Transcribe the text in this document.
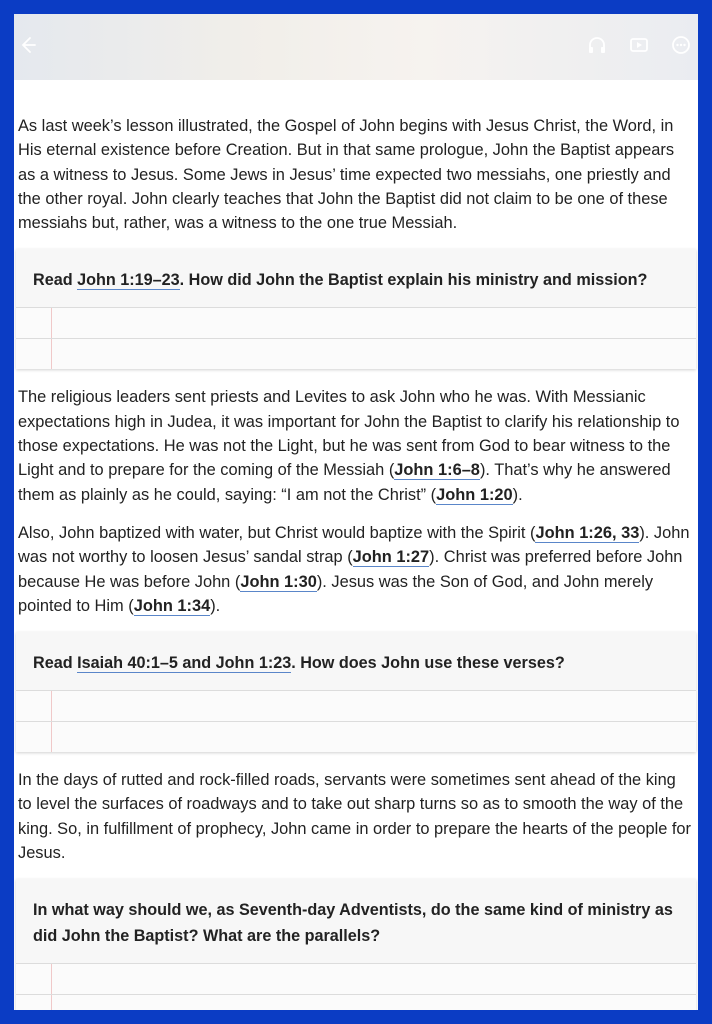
As last week’s lesson illustrated, the Gospel of John begins with Jesus Christ, the Word, in His eternal existence before Creation. But in that same prologue, John the Baptist appears as a witness to Jesus. Some Jews in Jesus’ time expected two messiahs, one priestly and the other royal. John clearly teaches that John the Baptist did not claim to be one of these messiahs but, rather, was a witness to the one true Messiah.

Read John 1:19–23. How did John the Baptist explain his ministry and mission?

The religious leaders sent priests and Levites to ask John who he was. With Messianic expectations high in Judea, it was important for John the Baptist to clarify his relationship to those expectations. He was not the Light, but he was sent from God to bear witness to the Light and to prepare for the coming of the Messiah (John 1:6–8). That’s why he answered them as plainly as he could, saying: “I am not the Christ” (John 1:20).

Also, John baptized with water, but Christ would baptize with the Spirit (John 1:26, 33). John was not worthy to loosen Jesus’ sandal strap (John 1:27). Christ was preferred before John because He was before John (John 1:30). Jesus was the Son of God, and John merely pointed to Him (John 1:34).

Read Isaiah 40:1–5 and John 1:23. How does John use these verses?

In the days of rutted and rock-filled roads, servants were sometimes sent ahead of the king to level the surfaces of roadways and to take out sharp turns so as to smooth the way of the king. So, in fulfillment of prophecy, John came in order to prepare the hearts of the people for Jesus.

In what way should we, as Seventh-day Adventists, do the same kind of ministry as did John the Baptist? What are the parallels?
